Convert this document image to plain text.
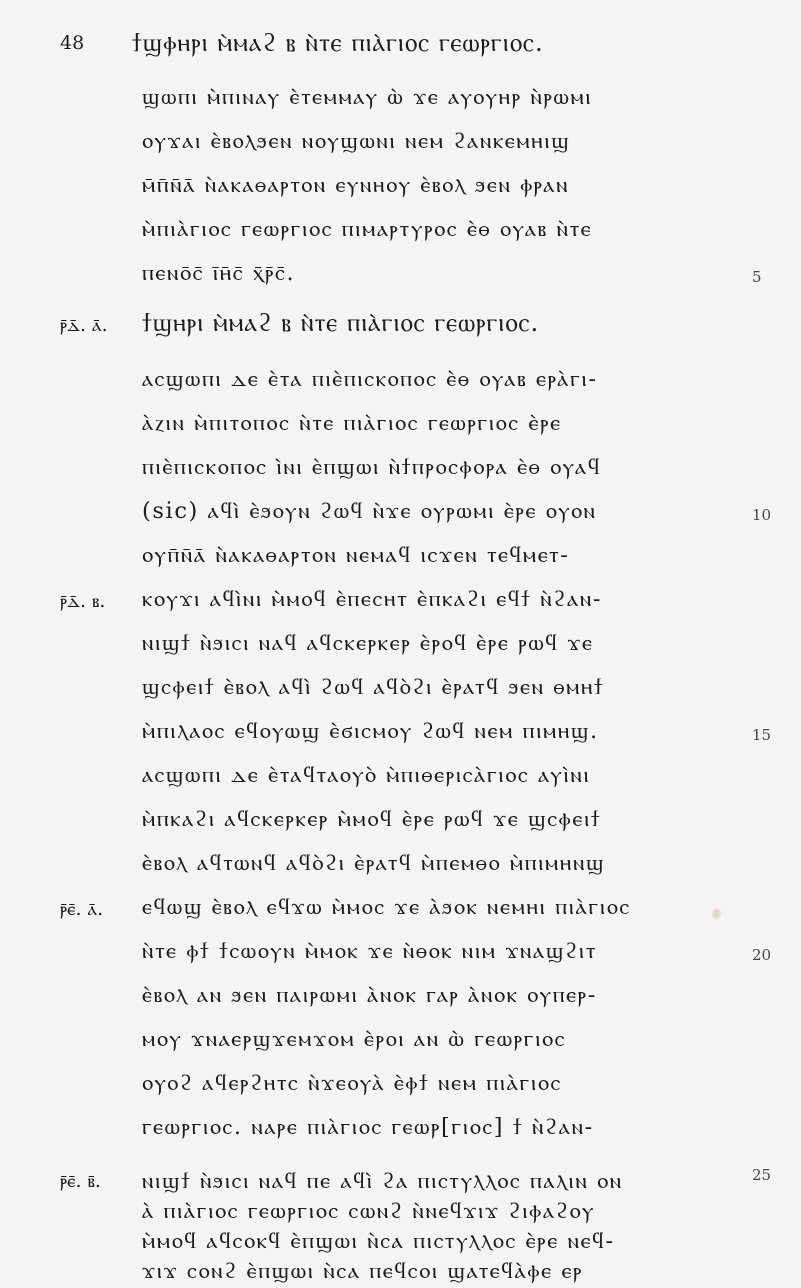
48 ϯϣⲫⲏⲣⲓ ⲙ̀ⲙⲁϩ ⲃ ⲛ̀ⲧⲉ ⲡⲓⲁ̀ⲅⲓⲟⲥ ⲅⲉⲱⲣⲅⲓⲟⲥ.
ϣⲱⲡⲓ ⲙ̀ⲡⲓⲛⲁⲩ ⲉ̀ⲧⲉⲙⲙⲁⲩ ⲱ̀ ϫⲉ ⲁⲩⲟⲩⲏⲣ ⲛ̀ⲣⲱⲙⲓ
ⲟⲩϫⲁⲓ ⲉ̀ⲃⲟⲗϧⲉⲛ ⲛⲟⲩϣⲱⲛⲓ ⲛⲉⲙ ϩⲁⲛⲕⲉⲙⲏⲓϣ
ⲙ̄ⲡ̄ⲛ̄ⲁ̄ ⲛ̀ⲁⲕⲁⲑⲁⲣⲧⲟⲛ ⲉⲩⲛⲏⲟⲩ ⲉ̀ⲃⲟⲗ ϧⲉⲛ ⲫⲣⲁⲛ
ⲙ̀ⲡⲓⲁ̀ⲅⲓⲟⲥ ⲅⲉⲱⲣⲅⲓⲟⲥ ⲡⲓⲙⲁⲣⲧⲩⲣⲟⲥ ⲉ̀ⲑ ⲟⲩⲁⲃ ⲛ̀ⲧⲉ
ⲡⲉⲛⲟ̄ⲥ̄ ⲓ̄ⲏ̄ⲥ̄ ⲭ̄ⲣ̄ⲥ̄.	5
ⲣ̄ⲇ̄. ⲁ̄. ϯϣⲏⲣⲓ ⲙ̀ⲙⲁϩ ⲃ ⲛ̀ⲧⲉ ⲡⲓⲁ̀ⲅⲓⲟⲥ ⲅⲉⲱⲣⲅⲓⲟⲥ.
ⲁⲥϣⲱⲡⲓ ⲇⲉ ⲉ̀ⲧⲁ ⲡⲓⲉ̀ⲡⲓⲥⲕⲟⲡⲟⲥ ⲉ̀ⲑ ⲟⲩⲁⲃ ⲉⲣⲁ̀ⲅⲓ-
ⲁ̀ⲍⲓⲛ ⲙ̀ⲡⲓⲧⲟⲡⲟⲥ ⲛ̀ⲧⲉ ⲡⲓⲁ̀ⲅⲓⲟⲥ ⲅⲉⲱⲣⲅⲓⲟⲥ ⲉ̀ⲣⲉ
ⲡⲓⲉ̀ⲡⲓⲥⲕⲟⲡⲟⲥ ⲓ̀ⲛⲓ ⲉ̀ⲡϣⲱⲓ ⲛ̀ϯⲡⲣⲟⲥⲫⲟⲣⲁ ⲉ̀ⲑ ⲟⲩⲁϥ
(sic) ⲁϥⲓ̀ ⲉ̀ϧⲟⲩⲛ ϩⲱϥ ⲛ̀ϫⲉ ⲟⲩⲣⲱⲙⲓ ⲉ̀ⲣⲉ ⲟⲩⲟⲛ	10
ⲟⲩⲡ̄ⲛ̄ⲁ̄ ⲛ̀ⲁⲕⲁⲑⲁⲣⲧⲟⲛ ⲛⲉⲙⲁϥ ⲓⲥϫⲉⲛ ⲧⲉϥⲙⲉⲧ-
ⲣ̄ⲇ̄. ⲃ. ⲕⲟⲩϫⲓ ⲁϥⲓ̀ⲛⲓ ⲙ̀ⲙⲟϥ ⲉ̀ⲡⲉⲥⲏⲧ ⲉ̀ⲡⲕⲁϩⲓ ⲉϥϯ ⲛ̀ϩⲁⲛ-
ⲛⲓϣϯ ⲛ̀ϧⲓⲥⲓ ⲛⲁϥ ⲁϥⲥⲕⲉⲣⲕⲉⲣ ⲉ̀ⲣⲟϥ ⲉ̀ⲣⲉ ⲣⲱϥ ϫⲉ
ϣⲥⲫⲉⲓϯ ⲉ̀ⲃⲟⲗ ⲁϥⲓ̀ ϩⲱϥ ⲁϥⲟ̀ϩⲓ ⲉ̀ⲣⲁⲧϥ ϧⲉⲛ ⲑⲙⲏϯ
ⲙ̀ⲡⲓⲗⲁⲟⲥ ⲉϥⲟⲩⲱϣ ⲉ̀ϭⲓⲥⲙⲟⲩ ϩⲱϥ ⲛⲉⲙ ⲡⲓⲙⲏϣ.	15
ⲁⲥϣⲱⲡⲓ ⲇⲉ ⲉ̀ⲧⲁϥⲧⲁⲟⲩⲟ̀ ⲙ̀ⲡⲓⲑⲉⲣⲓⲥⲁ̀ⲅⲓⲟⲥ ⲁⲩⲓ̀ⲛⲓ
ⲙ̀ⲡⲕⲁϩⲓ ⲁϥⲥⲕⲉⲣⲕⲉⲣ ⲙ̀ⲙⲟϥ ⲉ̀ⲣⲉ ⲣⲱϥ ϫⲉ ϣⲥⲫⲉⲓϯ
ⲉ̀ⲃⲟⲗ ⲁϥⲧⲱⲛϥ ⲁϥⲟ̀ϩⲓ ⲉ̀ⲣⲁⲧϥ ⲙ̀ⲡⲉⲙⲑⲟ ⲙ̀ⲡⲓⲙⲏⲛϣ
ⲣ̄ⲉ̄. ⲁ̄. ⲉϥⲱϣ ⲉ̀ⲃⲟⲗ ⲉϥϫⲱ ⲙ̀ⲙⲟⲥ ϫⲉ ⲁ̀ϧⲟⲕ ⲛⲉⲙⲏⲓ ⲡⲓⲁ̀ⲅⲓⲟⲥ
ⲛ̀ⲧⲉ ⲫϯ ϯⲥⲱⲟⲩⲛ ⲙ̀ⲙⲟⲕ ϫⲉ ⲛ̀ⲑⲟⲕ ⲛⲓⲙ ϫⲛⲁϣϩⲓⲧ	20
ⲉ̀ⲃⲟⲗ ⲁⲛ ϧⲉⲛ ⲡⲁⲓⲣⲱⲙⲓ ⲁ̀ⲛⲟⲕ ⲅⲁⲣ ⲁ̀ⲛⲟⲕ ⲟⲩⲡⲉⲣ-
ⲙⲟⲩ ϫⲛⲁⲉⲣϣϫⲉⲙϫⲟⲙ ⲉ̀ⲣⲟⲓ ⲁⲛ ⲱ̀ ⲅⲉⲱⲣⲅⲓⲟⲥ
ⲟⲩⲟϩ ⲁϥⲉⲣϩⲏⲧⲥ ⲛ̀ϫⲉⲟⲩⲁ̀ ⲉ̀ⲫϯ ⲛⲉⲙ ⲡⲓⲁ̀ⲅⲓⲟⲥ
ⲅⲉⲱⲣⲅⲓⲟⲥ. ⲛⲁⲣⲉ ⲡⲓⲁ̀ⲅⲓⲟⲥ ⲅⲉⲱⲣ[ⲅⲓⲟⲥ] ϯ ⲛ̀ϩⲁⲛ-
ⲛⲓϣϯ ⲛ̀ϧⲓⲥⲓ ⲛⲁϥ ⲡⲉ ⲁϥⲓ̀ ϩⲁ ⲡⲓⲥⲧⲩⲗⲗⲟⲥ ⲡⲁⲗⲓⲛ ⲟⲛ	25
ⲣ̄ⲉ̄. ⲃ̄.
ⲁ̀ ⲡⲓⲁ̀ⲅⲓⲟⲥ ⲅⲉⲱⲣⲅⲓⲟⲥ ⲥⲱⲛϩ ⲛ̀ⲛⲉϥϫⲓϫ ϩⲓⲫⲁϩⲟⲩ
ⲙ̀ⲙⲟϥ ⲁϥⲥⲟⲕϥ ⲉ̀ⲡϣⲱⲓ ⲛ̀ⲥⲁ ⲡⲓⲥⲧⲩⲗⲗⲟⲥ ⲉ̀ⲣⲉ ⲛⲉϥ-
ϫⲓϫ ⲥⲟⲛϩ ⲉ̀ⲡϣⲱⲓ ⲛ̀ⲥⲁ ⲡⲉϥⲥⲟⲓ ϣⲁⲧⲉϥⲁ̀ⲫⲉ ⲉⲣ
